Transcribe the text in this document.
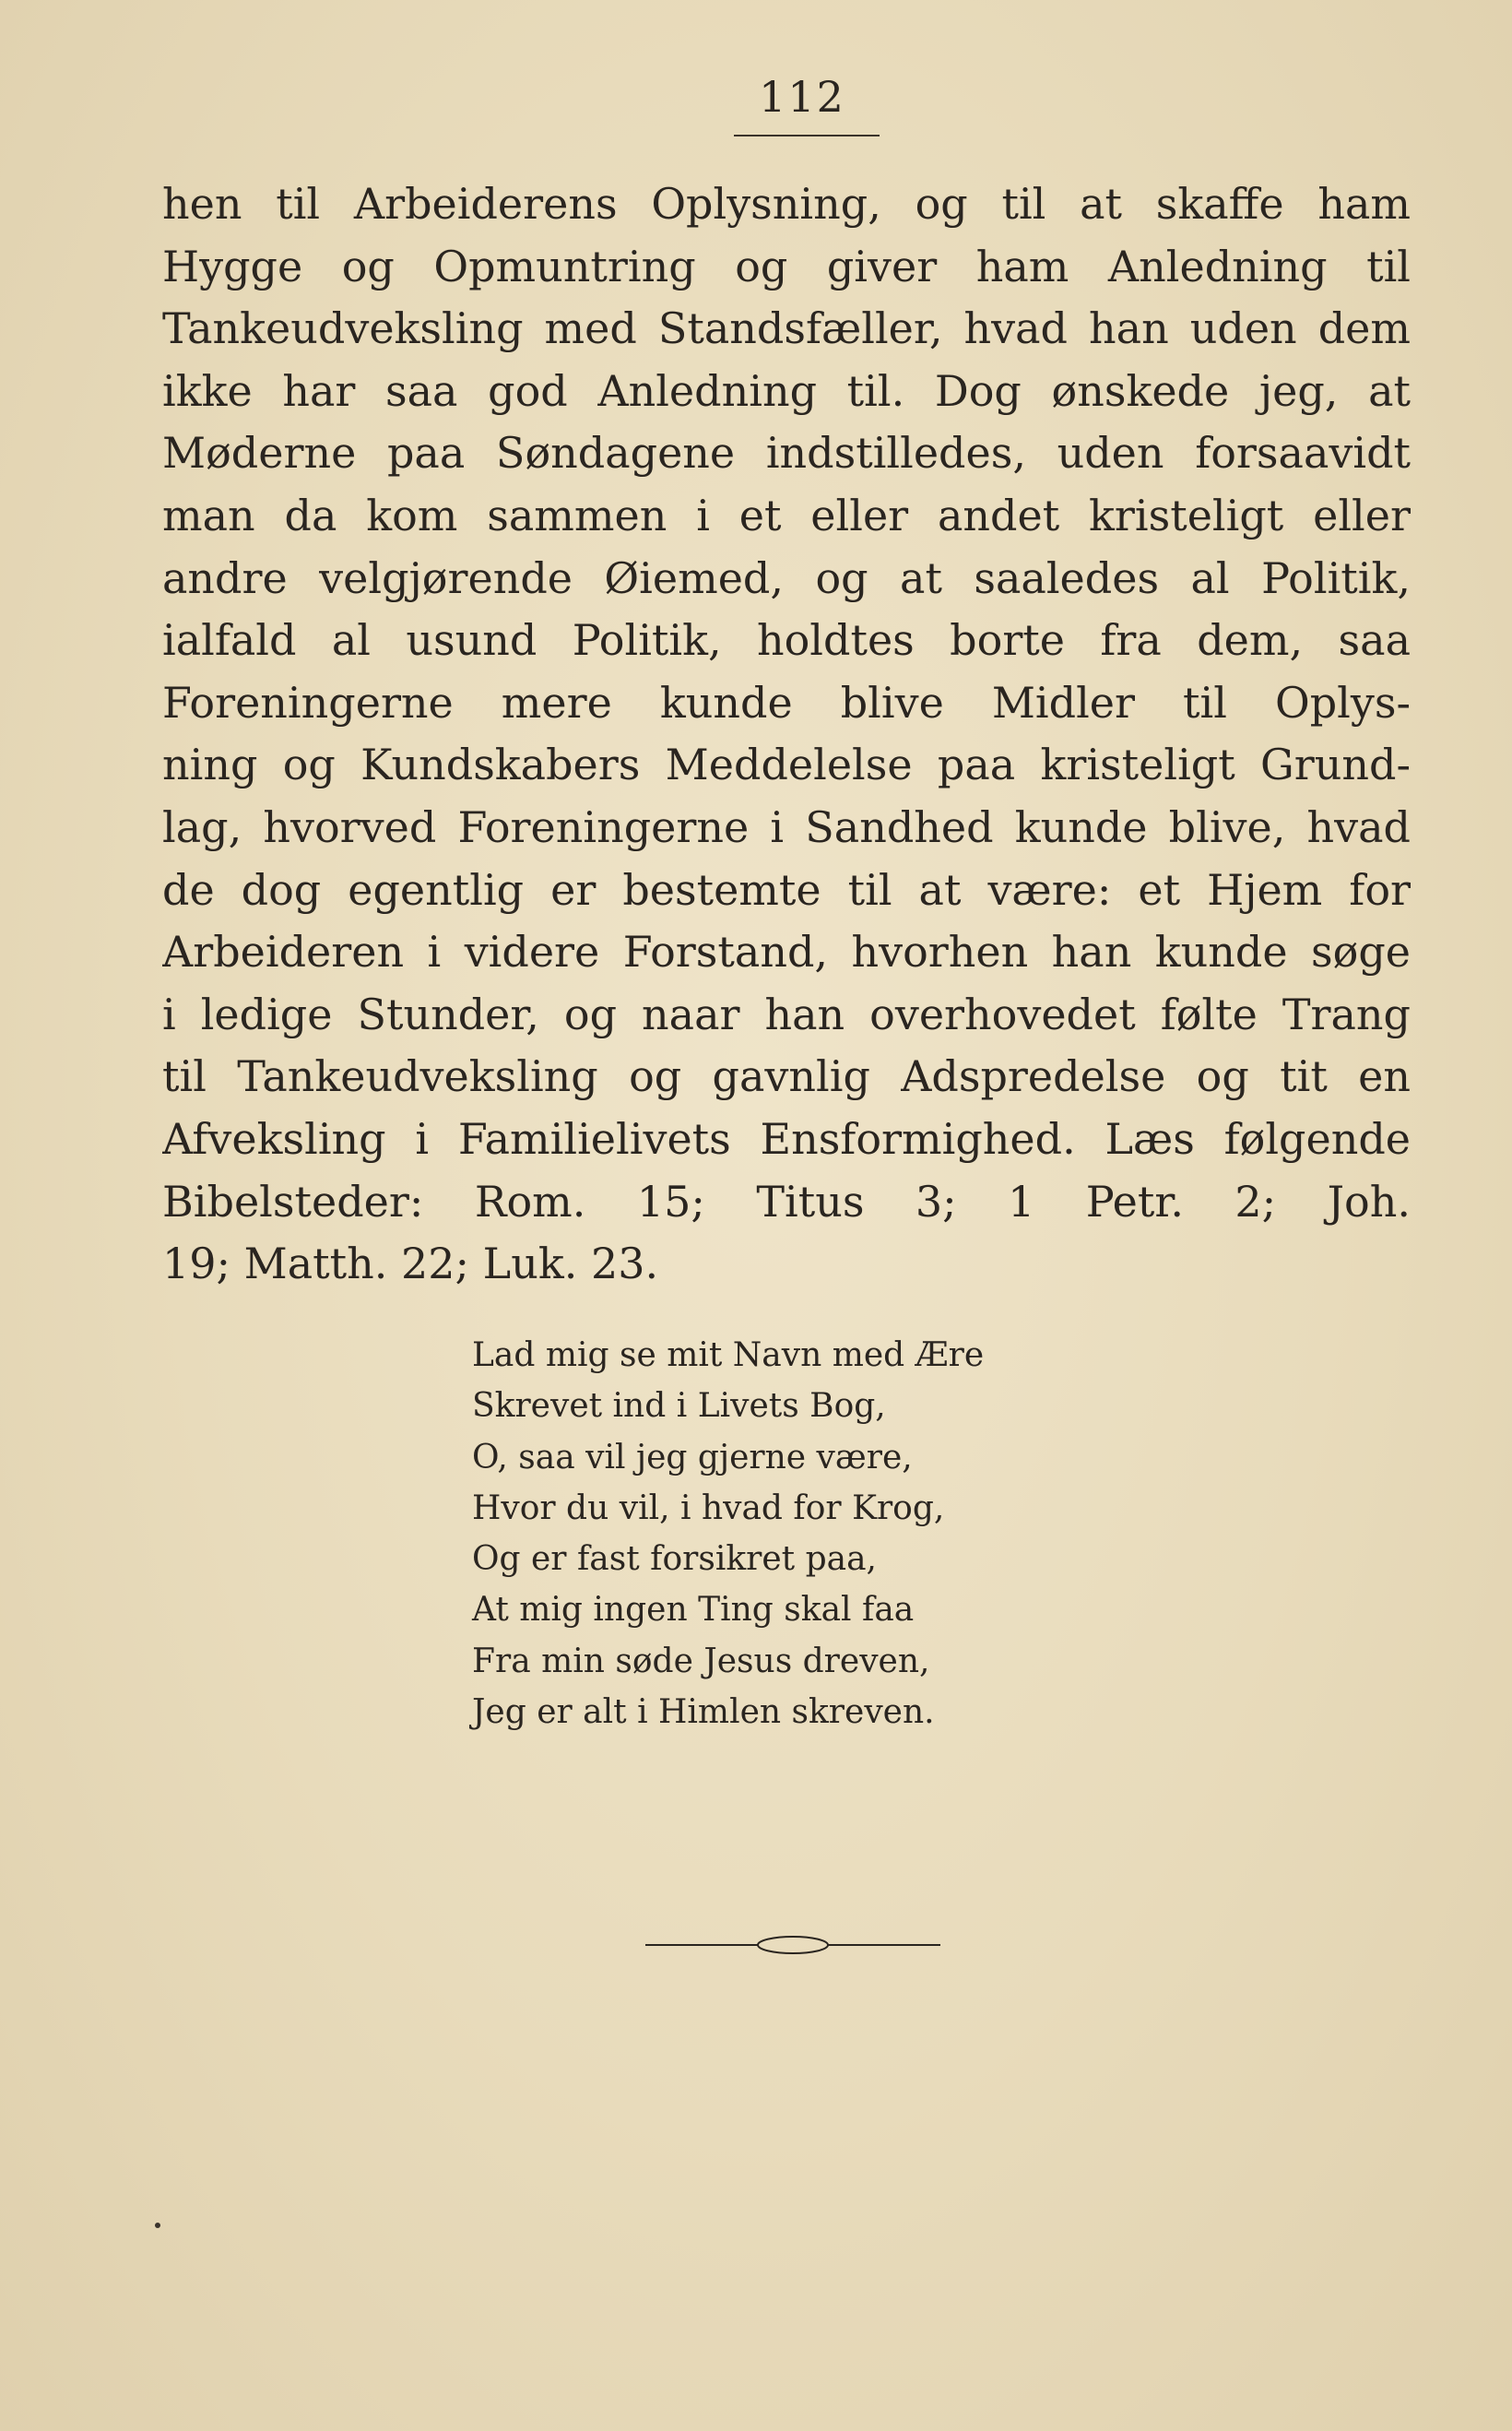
112
hen til Arbeiderens Oplysning, og til at skaffe ham
Hygge og Opmuntring og giver ham Anledning til
Tankeudveksling med Standsfæller, hvad han uden dem
ikke har saa god Anledning til. Dog ønskede jeg, at
Møderne paa Søndagene indstilledes, uden forsaavidt
man da kom sammen i et eller andet kristeligt eller
andre velgjørende Øiemed, og at saaledes al Politik,
ialfald al usund Politik, holdtes borte fra dem, saa
Foreningerne mere kunde blive Midler til Oplys-
ning og Kundskabers Meddelelse paa kristeligt Grund-
lag, hvorved Foreningerne i Sandhed kunde blive, hvad
de dog egentlig er bestemte til at være: et Hjem for
Arbeideren i videre Forstand, hvorhen han kunde søge
i ledige Stunder, og naar han overhovedet følte Trang
til Tankeudveksling og gavnlig Adspredelse og tit en
Afveksling i Familielivets Ensformighed. Læs følgende
Bibelsteder: Rom. 15; Titus 3; 1 Petr. 2; Joh.
19; Matth. 22; Luk. 23.
Lad mig se mit Navn med Ære
Skrevet ind i Livets Bog,
O, saa vil jeg gjerne være,
Hvor du vil, i hvad for Krog,
Og er fast forsikret paa,
At mig ingen Ting skal faa
Fra min søde Jesus dreven,
Jeg er alt i Himlen skreven.
